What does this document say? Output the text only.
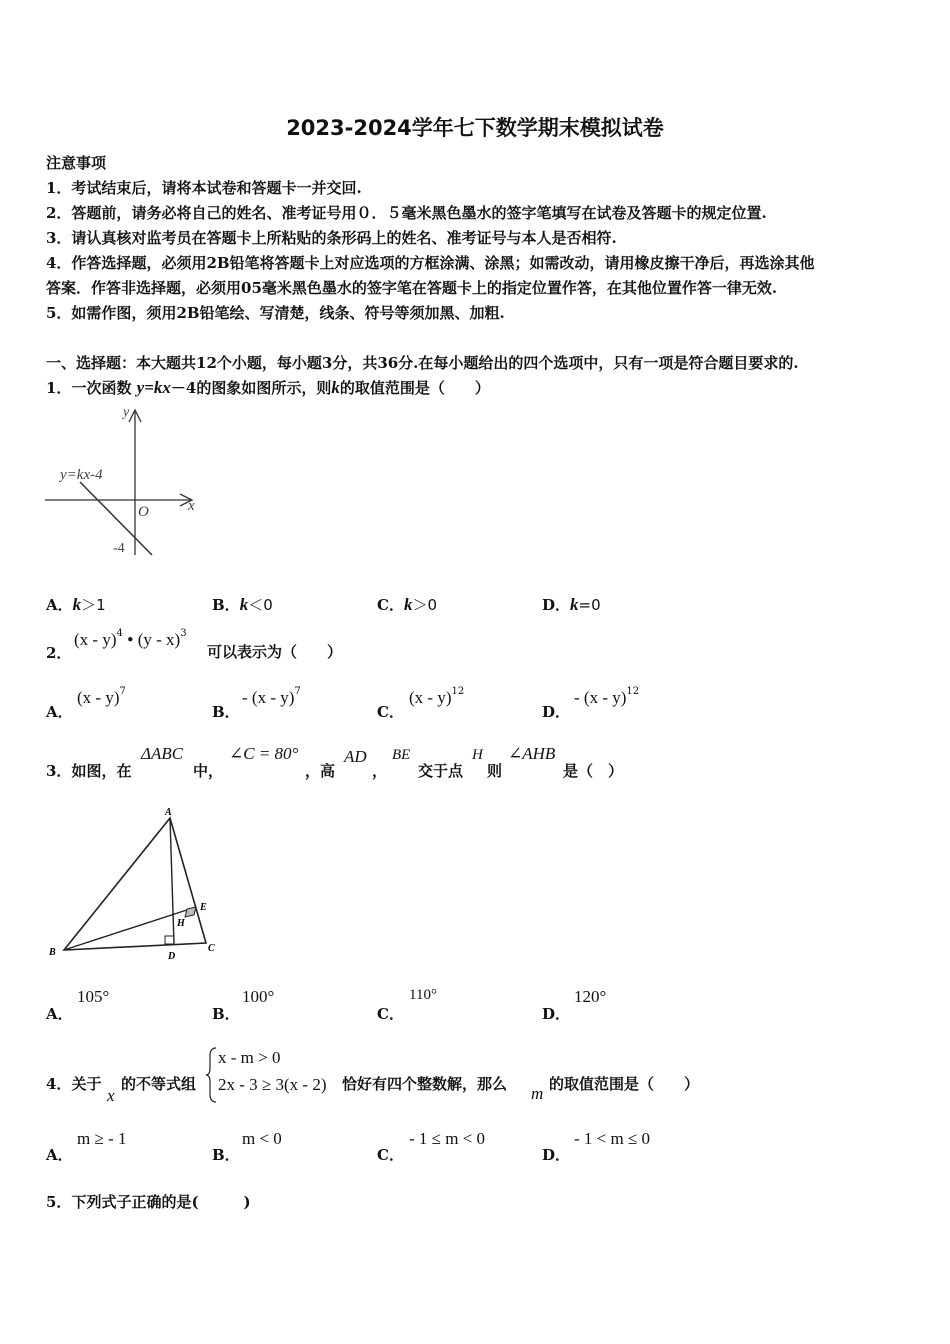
2023-2024学年七下数学期末模拟试卷
注意事项
1．考试结束后，请将本试卷和答题卡一并交回.
2．答题前，请务必将自己的姓名、准考证号用０．５毫米黑色墨水的签字笔填写在试卷及答题卡的规定位置.
3．请认真核对监考员在答题卡上所粘贴的条形码上的姓名、准考证号与本人是否相符.
4．作答选择题，必须用2B铅笔将答题卡上对应选项的方框涂满、涂黑；如需改动，请用橡皮擦干净后，再选涂其他
答案．作答非选择题，必须用05毫米黑色墨水的签字笔在答题卡上的指定位置作答，在其他位置作答一律无效.
5．如需作图，须用2B铅笔绘、写清楚，线条、符号等须加黑、加粗.
一、选择题：本大题共12个小题，每小题3分，共36分.在每小题给出的四个选项中，只有一项是符合题目要求的.
1．一次函数 y=kx－4的图象如图所示，则k的取值范围是（　　）
y=kx-4
y
x
O
-4
A．k＞1	B．k＜0	C．k＞0	D．k=0
2．
(x - y)$^4$ • (y - x)$^3$
可以表示为（　　）
A．
(x - y)$^7$
B．
- (x - y)$^7$
C．
(x - y)$^{12}$
D．
- (x - y)$^{12}$
3．如图，在
ΔABC
中，
∠C = 80°
，高
AD
，
BE
交于点
H
则
∠AHB
是（　）
A
B	C
D
E
H
A．
105°
B．
100°
C．
110°
D．
120°
4．关于
x
的不等式组
x - m > 0
2x - 3 ≥ 3(x - 2) 恰好有四个整数解，那么 m 的取值范围是（　　）
A．
m ≥ - 1
B．
m < 0
C．
- 1 ≤ m < 0
D．
- 1 < m ≤ 0
5．下列式子正确的是(　　　)
